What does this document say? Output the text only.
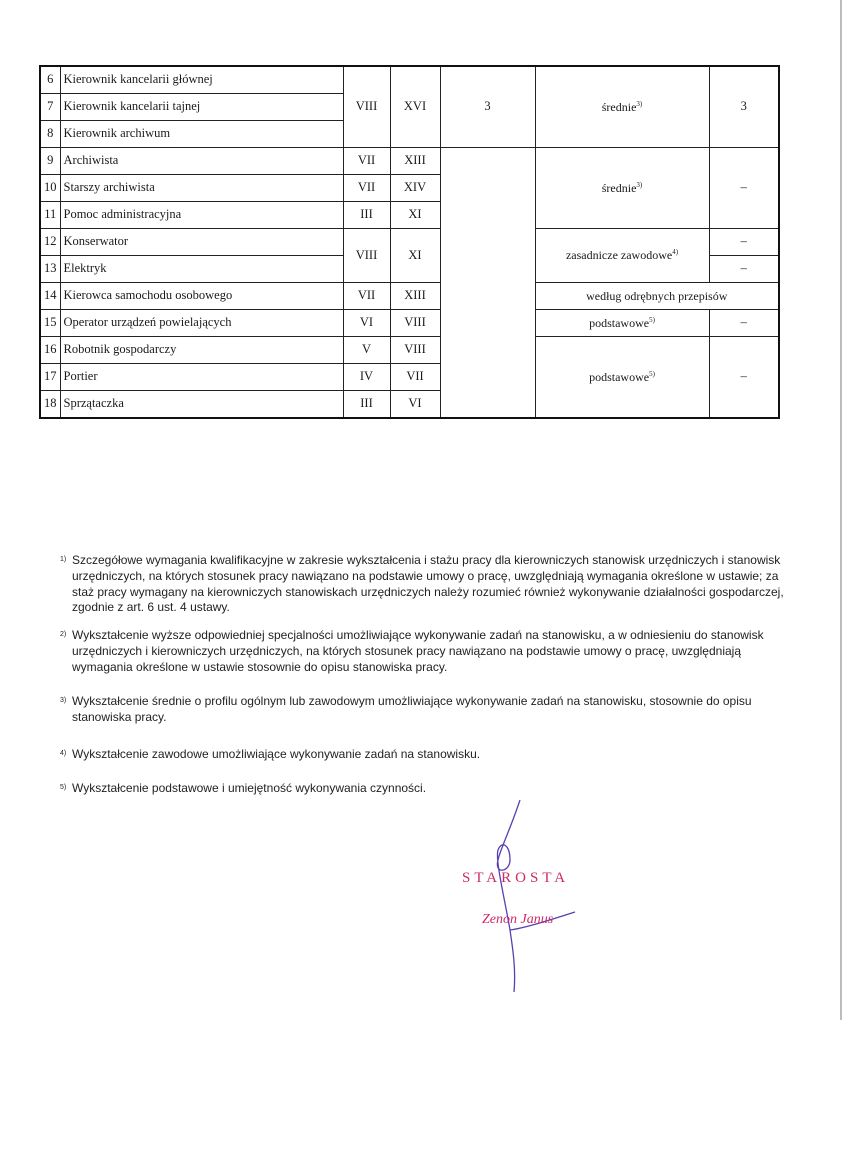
6	Kierownik kancelarii głównej	VIII	XVI	3	średnie$^{3)}$	3
7	Kierownik kancelarii tajnej					
8	Kierownik archiwum					
9	Archiwista	VII	XIII		średnie$^{3)}$	–
10	Starszy archiwista	VII	XIV			
11	Pomoc administracyjna	III	XI			
12	Konserwator	VIII	XI		zasadnicze zawodowe$^{4)}$	–
13	Elektryk					–
14	Kierowca samochodu osobowego	VII	XIII		według odrębnych przepisów	
15	Operator urządzeń powielających	VI	VIII		podstawowe$^{5)}$	–
16	Robotnik gospodarczy	V	VIII		podstawowe$^{5)}$	–
17	Portier	IV	VII			
18	Sprzątaczka	III	VI			
1) Szczegółowe wymagania kwalifikacyjne w zakresie wykształcenia i stażu pracy dla kierowniczych stanowisk urzędniczych i stanowisk urzędniczych, na których stosunek pracy nawiązano na podstawie umowy o pracę, uwzględniają wymagania określone w ustawie; za staż pracy wymagany na kierowniczych stanowiskach urzędniczych należy rozumieć również wykonywanie działalności gospodarczej, zgodnie z art. 6 ust. 4 ustawy.
2) Wykształcenie wyższe odpowiedniej specjalności umożliwiające wykonywanie zadań na stanowisku, a w odniesieniu do stanowisk urzędniczych i kierowniczych urzędniczych, na których stosunek pracy nawiązano na podstawie umowy o pracę, uwzględniają wymagania określone w ustawie stosownie do opisu stanowiska pracy.
3) Wykształcenie średnie o profilu ogólnym lub zawodowym umożliwiające wykonywanie zadań na stanowisku, stosownie do opisu stanowiska pracy.
4) Wykształcenie zawodowe umożliwiające wykonywanie zadań na stanowisku.
5) Wykształcenie podstawowe i umiejętność wykonywania czynności.
STAROSTA
Zenon Janus
